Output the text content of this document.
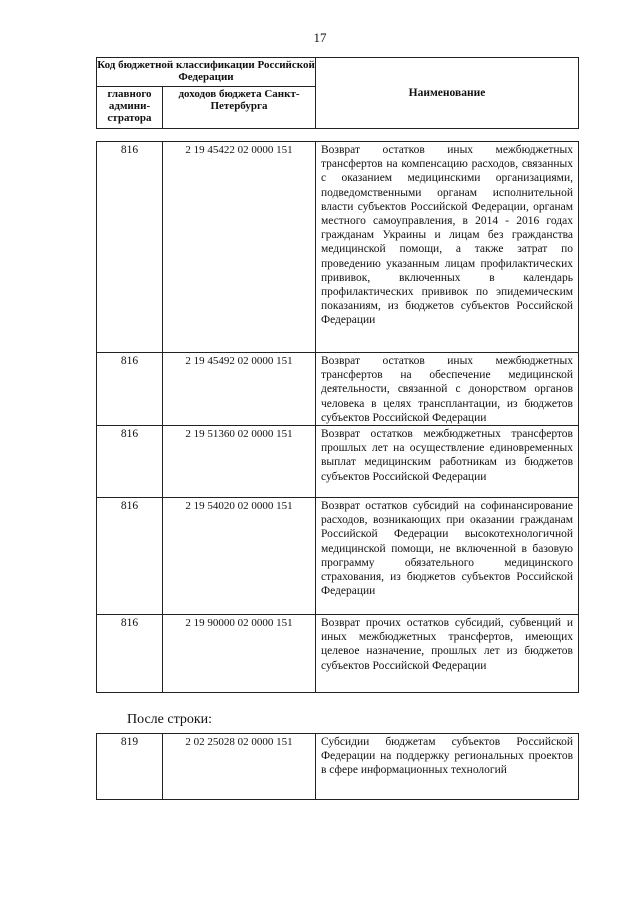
17
Код бюджетной классификации Российской Федерации		Наименование
главного админи-стратора	доходов бюджета Санкт-Петербурга	
816	2 19 45422 02 0000 151	Возврат остатков иных межбюджетных трансфертов на компенсацию расходов, связанных с оказанием медицинскими организациями, подведомственными органам исполнительной власти субъектов Российской Федерации, органам местного самоуправления, в 2014 - 2016 годах гражданам Украины и лицам без гражданства медицинской помощи, а также затрат по проведению указанным лицам профилактических прививок, включенных в календарь профилактических прививок по эпидемическим показаниям, из бюджетов субъектов Российской Федерации
816	2 19 45492 02 0000 151	Возврат остатков иных межбюджетных трансфертов на обеспечение медицинской деятельности, связанной с донорством органов человека в целях трансплантации, из бюджетов субъектов Российской Федерации
816	2 19 51360 02 0000 151	Возврат остатков межбюджетных трансфертов прошлых лет на осуществление единовременных выплат медицинским работникам из бюджетов субъектов Российской Федерации
816	2 19 54020 02 0000 151	Возврат остатков субсидий на софинансирование расходов, возникающих при оказании гражданам Российской Федерации высокотехнологичной медицинской помощи, не включенной в базовую программу обязательного медицинского страхования, из бюджетов субъектов Российской Федерации
816	2 19 90000 02 0000 151	Возврат прочих остатков субсидий, субвенций и иных межбюджетных трансфертов, имеющих целевое назначение, прошлых лет из бюджетов субъектов Российской Федерации
После строки:
819	2 02 25028 02 0000 151	Субсидии бюджетам субъектов Российской Федерации на поддержку региональных проектов в сфере информационных технологий
